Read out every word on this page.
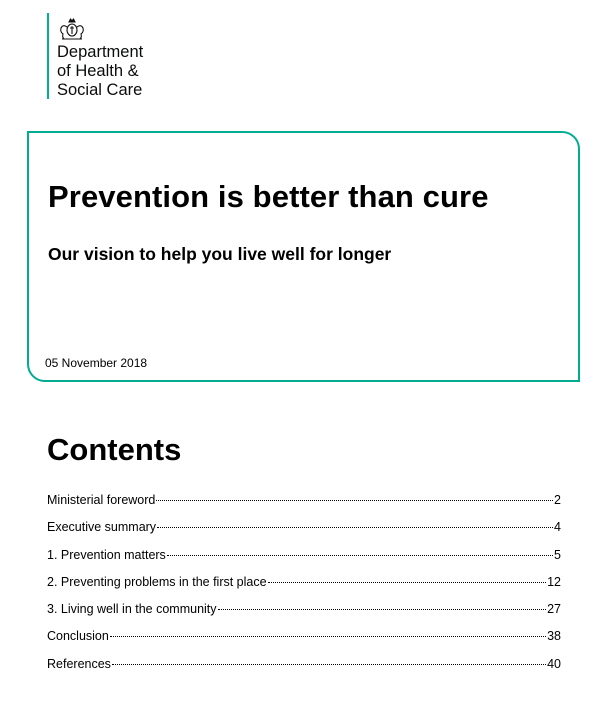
Department
of Health &
Social Care
Prevention is better than cure
Our vision to help you live well for longer
05 November 2018
Contents
Ministerial foreword	2
Executive summary	4
1. Prevention matters	5
2. Preventing problems in the first place	12
3. Living well in the community	27
Conclusion	38
References	40
